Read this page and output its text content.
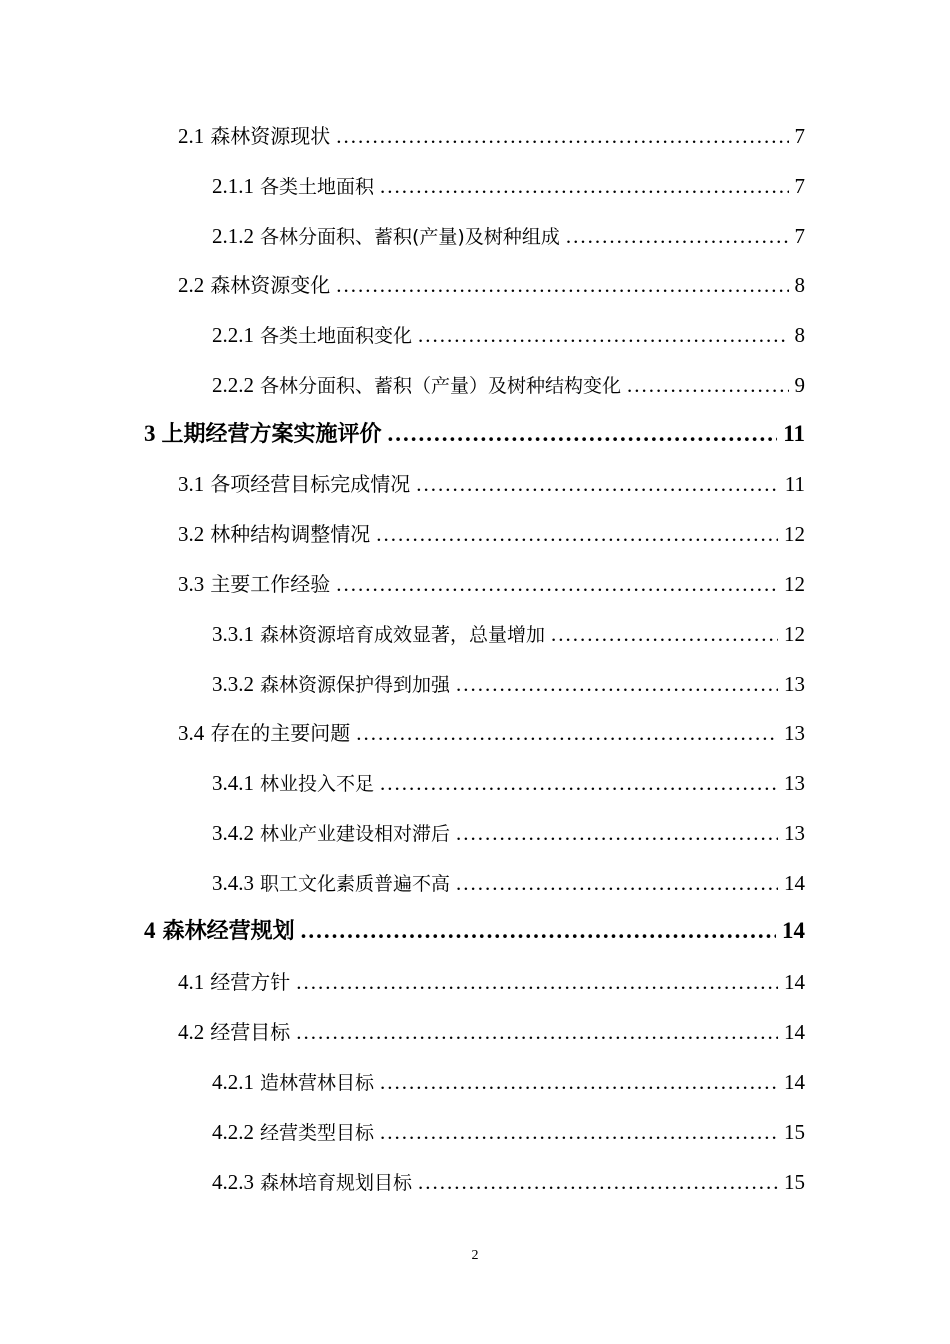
2.1 森林资源现状 .....	7
2.1.1 各类土地面积 .....	7
2.1.2 各林分面积、蓄积(产量)及树种组成 .....	7
2.2 森林资源变化 .....	8
2.2.1 各类土地面积变化 .....	8
2.2.2 各林分面积、蓄积（产量）及树种结构变化 .....	9
3 上期经营方案实施评价 .....	11
3.1 各项经营目标完成情况 .....	11
3.2 林种结构调整情况 .....	12
3.3 主要工作经验 .....	12
3.3.1 森林资源培育成效显著，总量增加 .....	12
3.3.2 森林资源保护得到加强 .....	13
3.4 存在的主要问题 .....	13
3.4.1 林业投入不足 .....	13
3.4.2 林业产业建设相对滞后 .....	13
3.4.3 职工文化素质普遍不高 .....	14
4 森林经营规划 .....	14
4.1 经营方针 .....	14
4.2 经营目标 .....	14
4.2.1 造林营林目标 .....	14
4.2.2 经营类型目标 .....	15
4.2.3 森林培育规划目标 .....	15
2
